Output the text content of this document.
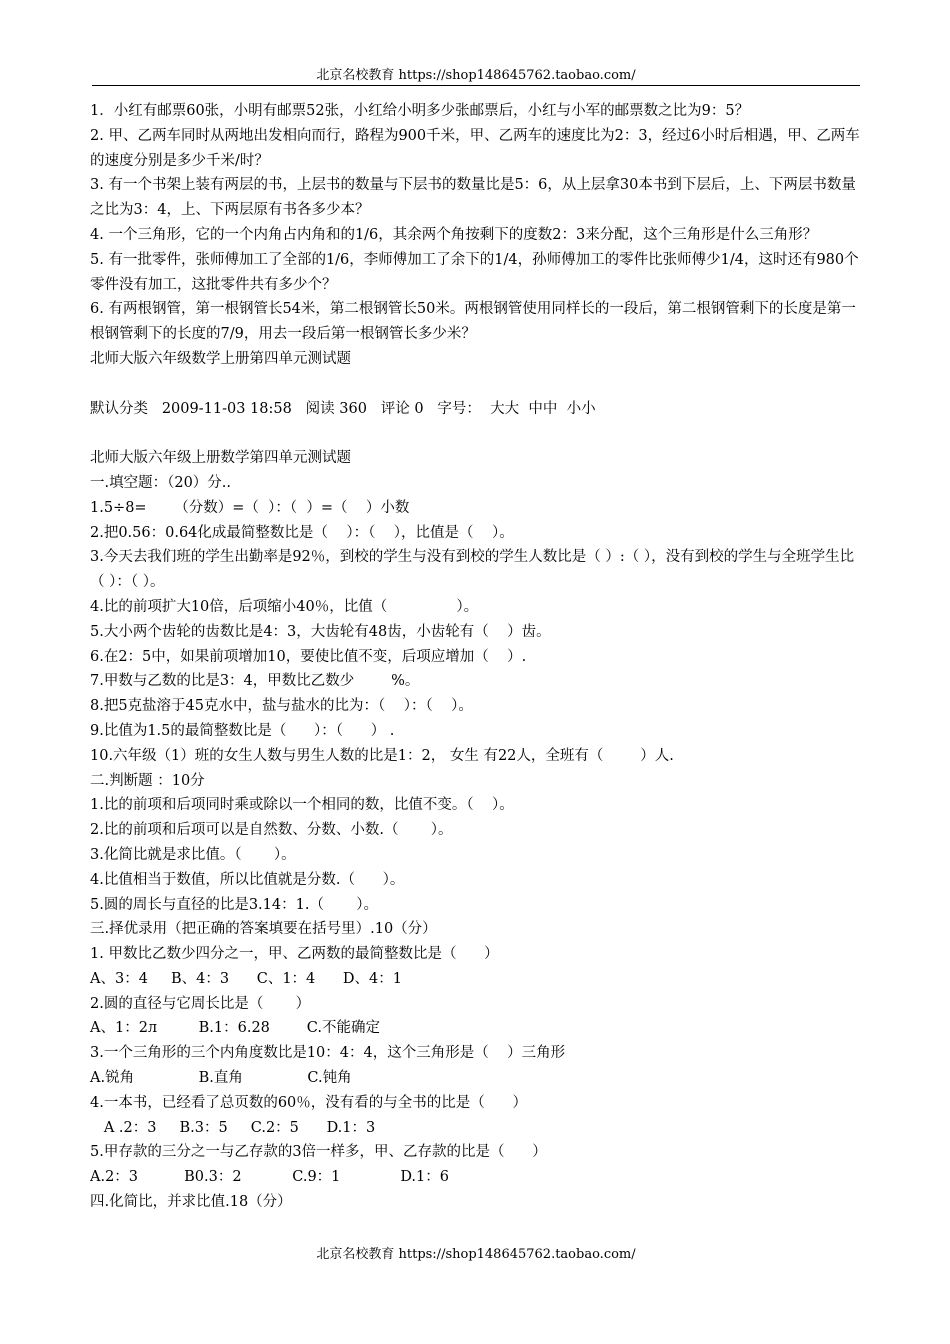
北京名校教育 https://shop148645762.taobao.com/
1．小红有邮票60张，小明有邮票52张，小红给小明多少张邮票后，小红与小军的邮票数之比为9：5？
2. 甲、乙两车同时从两地出发相向而行，路程为900千米，甲、乙两车的速度比为2：3，经过6小时后相遇，甲、乙两车的速度分别是多少千米/时？
3. 有一个书架上装有两层的书，上层书的数量与下层书的数量比是5：6，从上层拿30本书到下层后，上、下两层书数量之比为3：4，上、下两层原有书各多少本？
4. 一个三角形，它的一个内角占内角和的1/6，其余两个角按剩下的度数2：3来分配，这个三角形是什么三角形？
5. 有一批零件，张师傅加工了全部的1/6，李师傅加工了余下的1/4，孙师傅加工的零件比张师傅少1/4，这时还有980个零件没有加工，这批零件共有多少个？
6. 有两根钢管，第一根钢管长54米，第二根钢管长50米。两根钢管使用同样长的一段后，第二根钢管剩下的长度是第一根钢管剩下的长度的7/9，用去一段后第一根钢管长多少米？
北师大版六年级数学上册第四单元测试题
默认分类   2009-11-03 18:58   阅读 360   评论 0   字号：  大大  中中  小小
北师大版六年级上册数学第四单元测试题
一.填空题：（20）分..
1.5÷8=      （分数）=（  ）：（  ）=（    ）小数
2.把0.56：0.64化成最简整数比是（    ）：（    ），比值是（    ）。
3.今天去我们班的学生出勤率是92％，到校的学生与没有到校的学生人数比是（ ）:（ ），没有到校的学生与全班学生比（ ）：（ ）。
4.比的前项扩大10倍，后项缩小40％，比值（               ）。
5.大小两个齿轮的齿数比是4：3，大齿轮有48齿，小齿轮有（    ）齿。
6.在2：5中，如果前项增加10，要使比值不变，后项应增加（    ）.
7.甲数与乙数的比是3：4，甲数比乙数少        %。
8.把5克盐溶于45克水中，盐与盐水的比为：（    ）：（    ）。
9.比值为1.5的最简整数比是（      ）：（      ） .
10.六年级（1）班的女生人数与男生人数的比是1：2， 女生 有22人，全班有（        ）人.
二.判断题 ：10分
1.比的前项和后项同时乘或除以一个相同的数，比值不变。（    ）。
2.比的前项和后项可以是自然数、分数、小数.（       ）。
3.化简比就是求比值。（       ）。
4.比值相当于数值，所以比值就是分数.（      ）。
5.圆的周长与直径的比是3.14：1.（       ）。
三.择优录用（把正确的答案填要在括号里）.10（分）
1. 甲数比乙数少四分之一，甲、乙两数的最简整数比是（      ）
A、3：4     B、4：3      C、1：4      D、4：1
2.圆的直径与它周长比是（       ）
A、1：2л         B.1：6.28        C.不能确定
3.一个三角形的三个内角度数比是10：4：4，这个三角形是（    ）三角形
A.锐角              B.直角              C.钝角
4.一本书，已经看了总页数的60％，没有看的与全书的比是（      ）
A .2：3     B.3：5     C.2：5      D.1：3
5.甲存款的三分之一与乙存款的3倍一样多，甲、乙存款的比是（      ）
A.2：3          B0.3：2           C.9：1             D.1：6
四.化简比，并求比值.18（分）
北京名校教育 https://shop148645762.taobao.com/
